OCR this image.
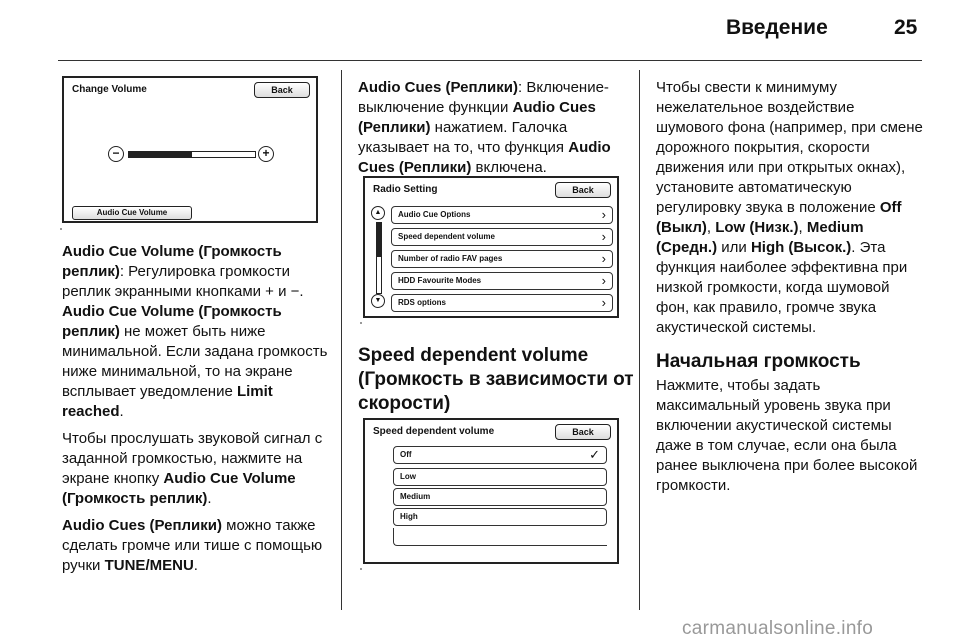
Введение	25
Change Volume	Back
−	+
Audio Cue Volume

Audio Cue Volume (Громкость реплик): Регулировка громкости реплик экранными кнопками + и −. Audio Cue Volume (Громкость реплик) не может быть ниже минимальной. Если задана громкость ниже минимальной, то на экране всплывает уведомление Limit reached.

Чтобы прослушать звуковой сигнал с заданной громкостью, нажмите на экране кнопку Audio Cue Volume (Громкость реплик).

Audio Cues (Реплики) можно также сделать громче или тише с помощью ручки TUNE/MENU.

Audio Cues (Реплики): Включение-выключение функции Audio Cues (Реплики) нажатием. Галочка указывает на то, что функция Audio Cues (Реплики) включена.

Radio Setting	Back
▲
▼
Audio Cue Options	›
Speed dependent volume	›
Number of radio FAV pages	›
HDD Favourite Modes	›
RDS options	›
Speed dependent volume (Громкость в зависимости от скорости)
Speed dependent volume	Back
Off	✓
Low
Medium
High

Чтобы свести к минимуму нежелательное воздействие шумового фона (например, при смене дорожного покрытия, скорости движения или при открытых окнах), установите автоматическую регулировку звука в положение Off (Выкл), Low (Низк.), Medium (Средн.) или High (Высок.). Эта функция наиболее эффективна при низкой громкости, когда шумовой фон, как правило, громче звука акустической системы.

Начальная громкость

Нажмите, чтобы задать максимальный уровень звука при включении акустической системы даже в том случае, если она была ранее выключена при более высокой громкости.

carmanualsonline.info
